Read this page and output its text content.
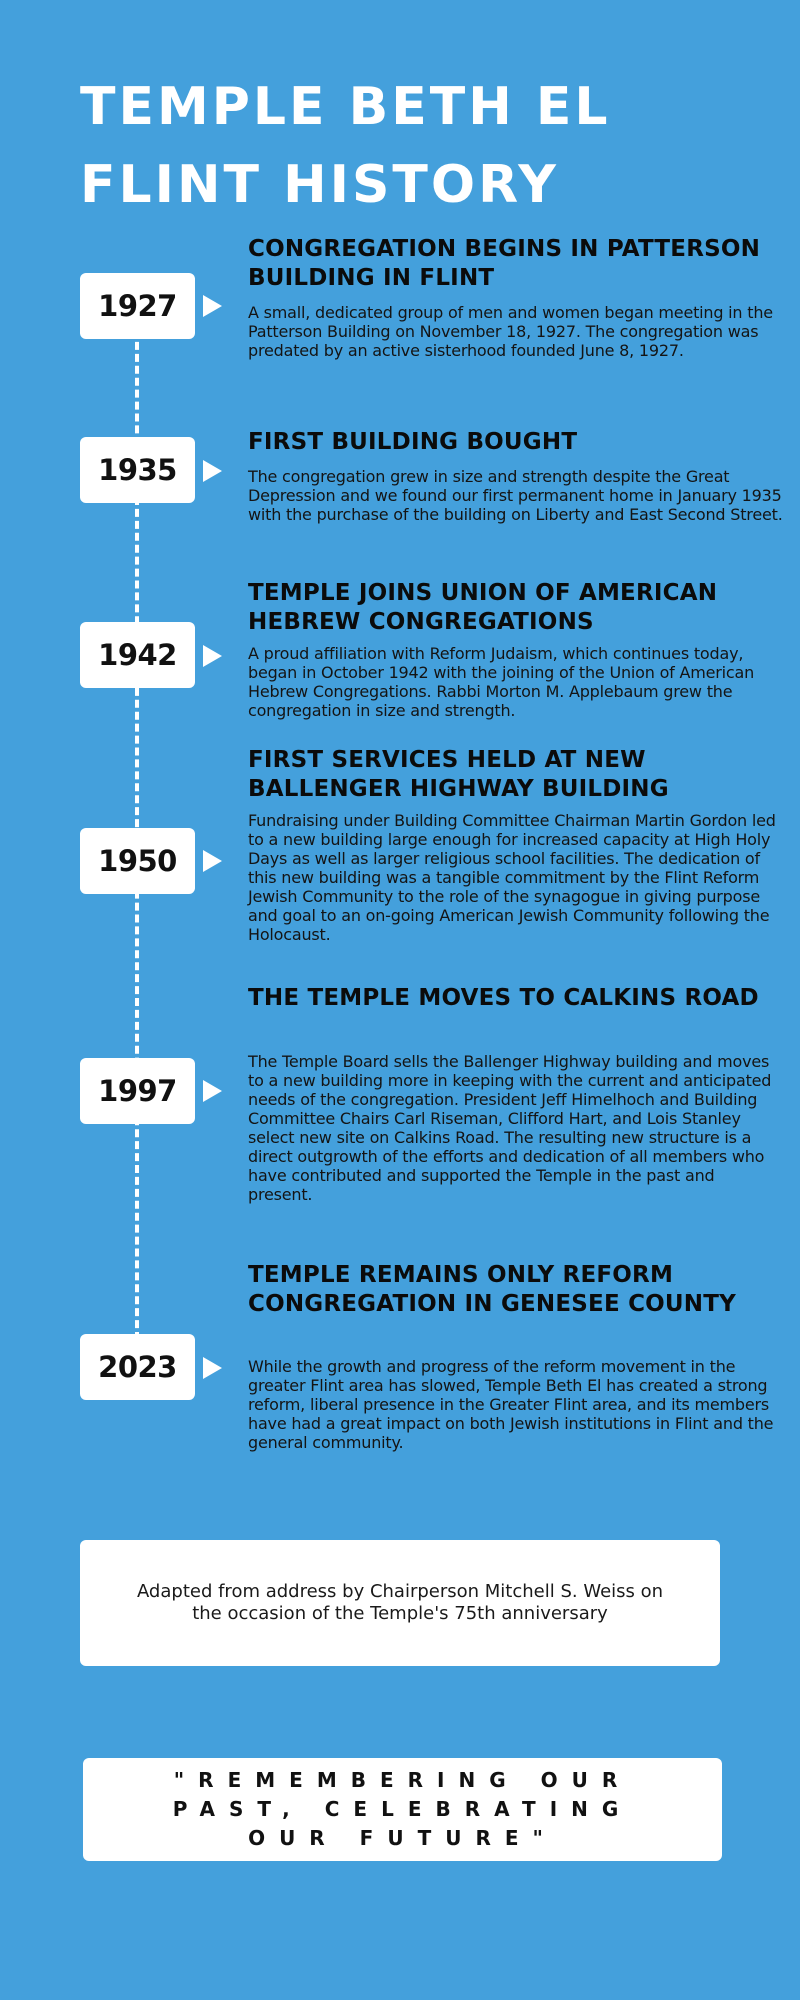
TEMPLE BETH EL
FLINT HISTORY
1927
CONGREGATION BEGINS IN PATTERSON BUILDING IN FLINT

A small, dedicated group of men and women began meeting in the Patterson Building on November 18, 1927. The congregation was predated by an active sisterhood founded June 8, 1927.

1935
FIRST BUILDING BOUGHT

The congregation grew in size and strength despite the Great Depression and we found our first permanent home in January 1935 with the purchase of the building on Liberty and East Second Street.

1942
TEMPLE JOINS UNION OF AMERICAN HEBREW CONGREGATIONS

A proud affiliation with Reform Judaism, which continues today, began in October 1942 with the joining of the Union of American Hebrew Congregations. Rabbi Morton M. Applebaum grew the congregation in size and strength.

1950
FIRST SERVICES HELD AT NEW BALLENGER HIGHWAY BUILDING

Fundraising under Building Committee Chairman Martin Gordon led to a new building large enough for increased capacity at High Holy Days as well as larger religious school facilities. The dedication of this new building was a tangible commitment by the Flint Reform Jewish Community to the role of the synagogue in giving purpose and goal to an on-going American Jewish Community following the Holocaust.

1997
THE TEMPLE MOVES TO CALKINS ROAD

The Temple Board sells the Ballenger Highway building and moves to a new building more in keeping with the current and anticipated needs of the congregation. President Jeff Himelhoch and Building Committee Chairs Carl Riseman, Clifford Hart, and Lois Stanley select new site on Calkins Road. The resulting new structure is a direct outgrowth of the efforts and dedication of all members who have contributed and supported the Temple in the past and present.

2023
TEMPLE REMAINS ONLY REFORM CONGREGATION IN GENESEE COUNTY

While the growth and progress of the reform movement in the greater Flint area has slowed, Temple Beth El has created a strong reform, liberal presence in the Greater Flint area, and its members have had a great impact on both Jewish institutions in Flint and the general community.

Adapted from address by Chairperson Mitchell S. Weiss on the occasion of the Temple's 75th anniversary
"REMEMBERING OUR PAST, CELEBRATING OUR FUTURE"
